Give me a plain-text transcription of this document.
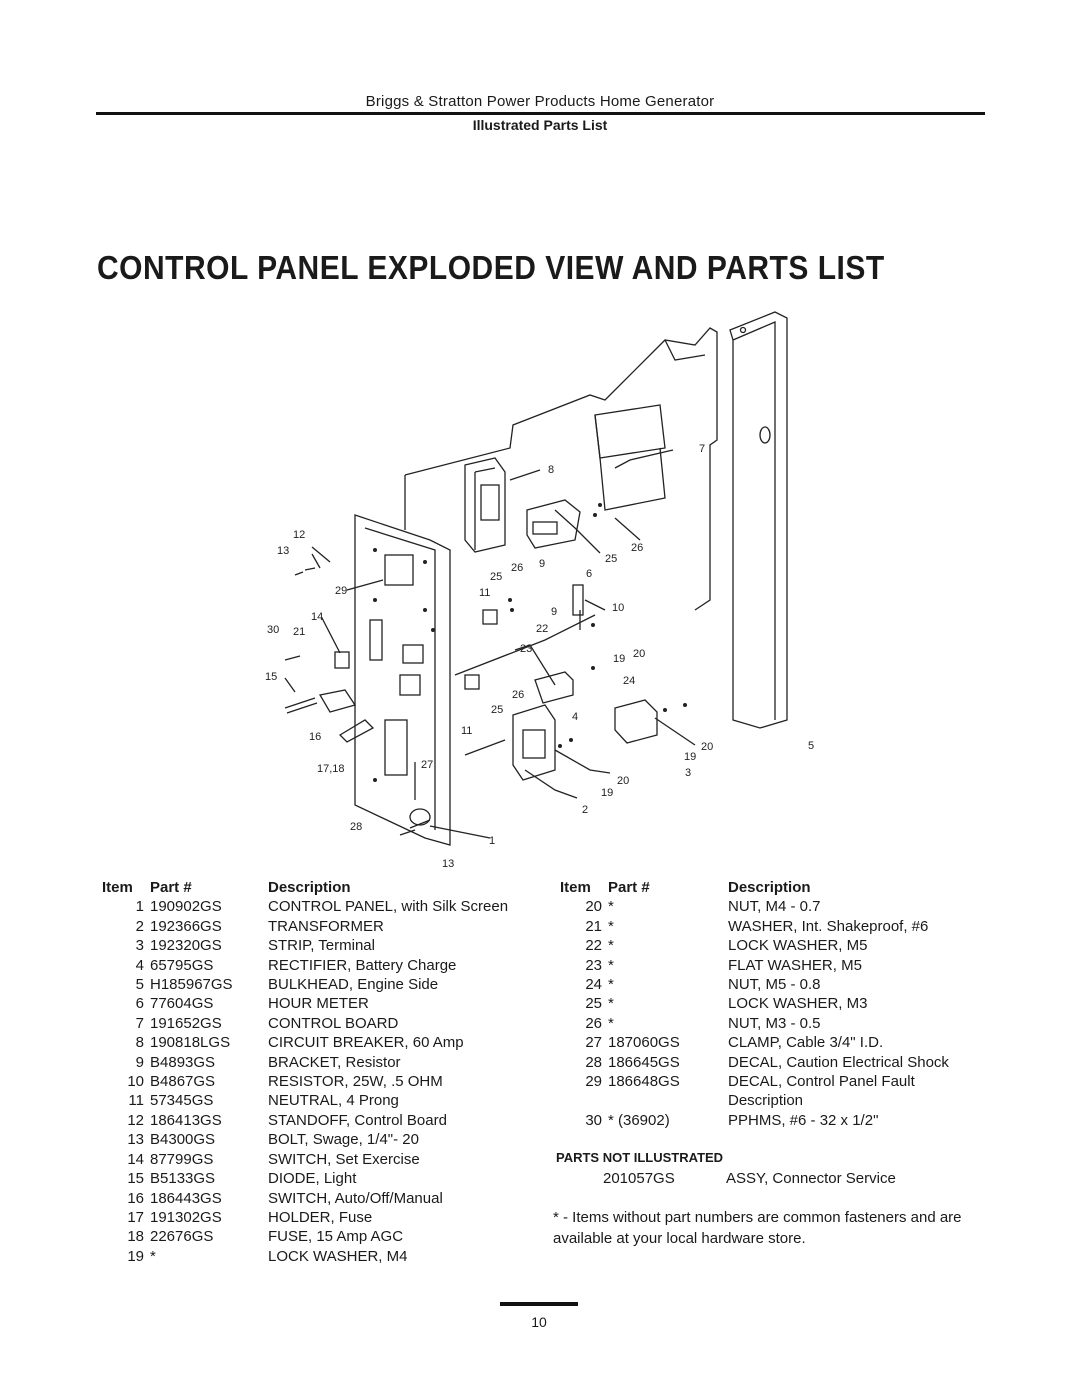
Briggs & Stratton Power Products Home Generator
Illustrated Parts List
CONTROL PANEL EXPLODED VIEW AND PARTS LIST
1
2
3
4
5
6
7
8
9
9	10
11
11
12
13
13
14
15
16
17,18
19
19
19
20
20
20
21	22
23
24
25
25
25
26
26
26
27
28
29
30
Item	Part #	Description
1	190902GS	CONTROL PANEL, with Silk Screen
2	192366GS	TRANSFORMER
3	192320GS	STRIP, Terminal
4	65795GS	RECTIFIER, Battery Charge
5	H185967GS	BULKHEAD, Engine Side
6	77604GS	HOUR METER
7	191652GS	CONTROL BOARD
8	190818LGS	CIRCUIT BREAKER, 60 Amp
9	B4893GS	BRACKET, Resistor
10	B4867GS	RESISTOR, 25W, .5 OHM
11	57345GS	NEUTRAL, 4 Prong
12	186413GS	STANDOFF, Control Board
13	B4300GS	BOLT, Swage, 1/4"- 20
14	87799GS	SWITCH, Set Exercise
15	B5133GS	DIODE, Light
16	186443GS	SWITCH, Auto/Off/Manual
17	191302GS	HOLDER, Fuse
18	22676GS	FUSE, 15 Amp AGC
19	*	LOCK WASHER, M4
Item	Part #	Description
20	*	NUT, M4 - 0.7
21	*	WASHER, Int. Shakeproof, #6
22	*	LOCK WASHER, M5
23	*	FLAT WASHER, M5
24	*	NUT, M5 - 0.8
25	*	LOCK WASHER, M3
26	*	NUT, M3 - 0.5
27	187060GS	CLAMP, Cable 3/4" I.D.
28	186645GS	DECAL, Caution Electrical Shock
29	186648GS	DECAL, Control Panel Fault
		Description
30	* (36902)	PPHMS, #6 - 32 x 1/2"
PARTS NOT ILLUSTRATED
201057GS	ASSY, Connector Service
* - Items without part numbers are common fasteners and are available at your local hardware store.
10
